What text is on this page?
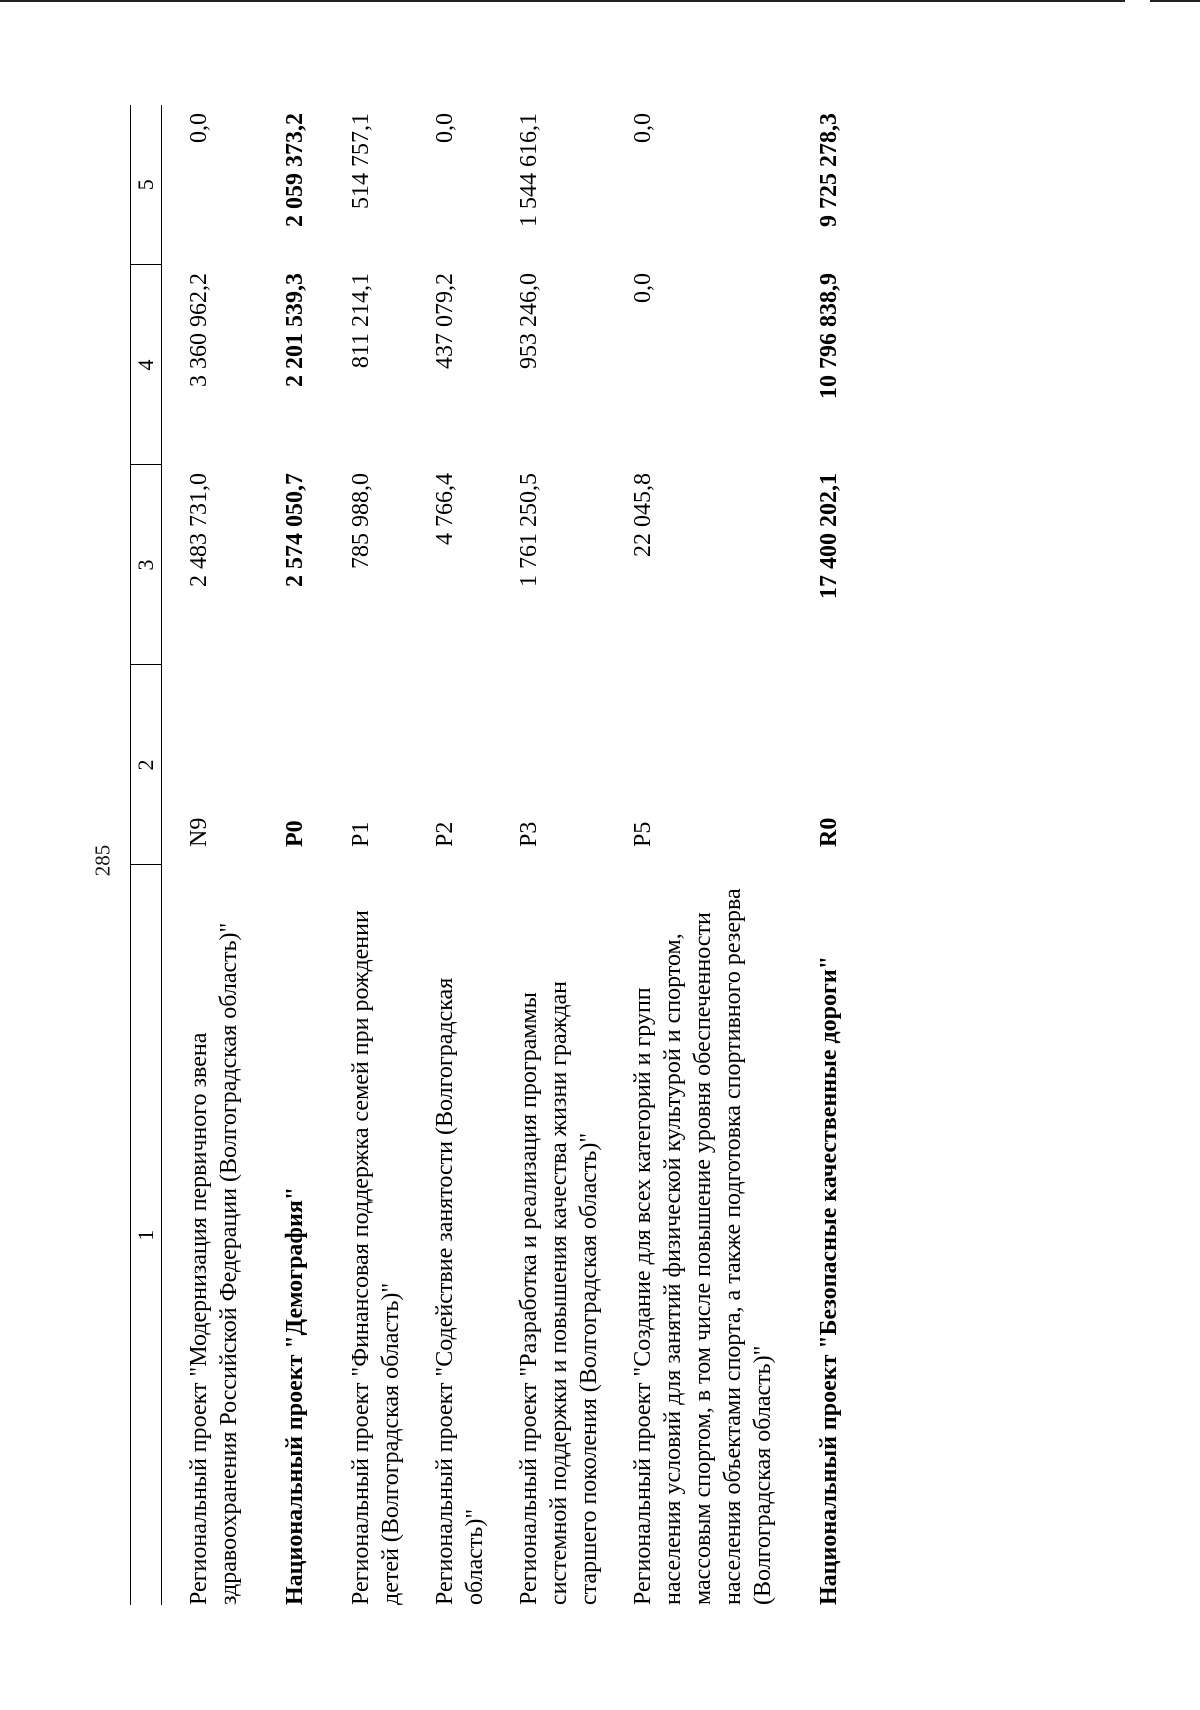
285
1	2	3	4	5
Региональный проект "Модернизация первичного звена здравоохранения Российской Федерации (Волгоградская область)"	N9	2 483 731,0	3 360 962,2	0,0
Национальный проект "Демография"	P0	2 574 050,7	2 201 539,3	2 059 373,2
Региональный проект "Финансовая поддержка семей при рождении детей (Волгоградская область)"	P1	785 988,0	811 214,1	514 757,1
Региональный проект "Содействие занятости (Волгоградская область)"	P2	4 766,4	437 079,2	0,0
Региональный проект "Разработка и реализация программы системной поддержки и повышения качества жизни граждан старшего поколения (Волгоградская область)"	P3	1 761 250,5	953 246,0	1 544 616,1
Региональный проект "Создание для всех категорий и групп населения условий для занятий физической культурой и спортом, массовым спортом, в том числе повышение уровня обеспеченности населения объектами спорта, а также подготовка спортивного резерва (Волгоградская область)"	P5	22 045,8	0,0	0,0
Национальный проект "Безопасные качественные дороги"	R0	17 400 202,1	10 796 838,9	9 725 278,3
